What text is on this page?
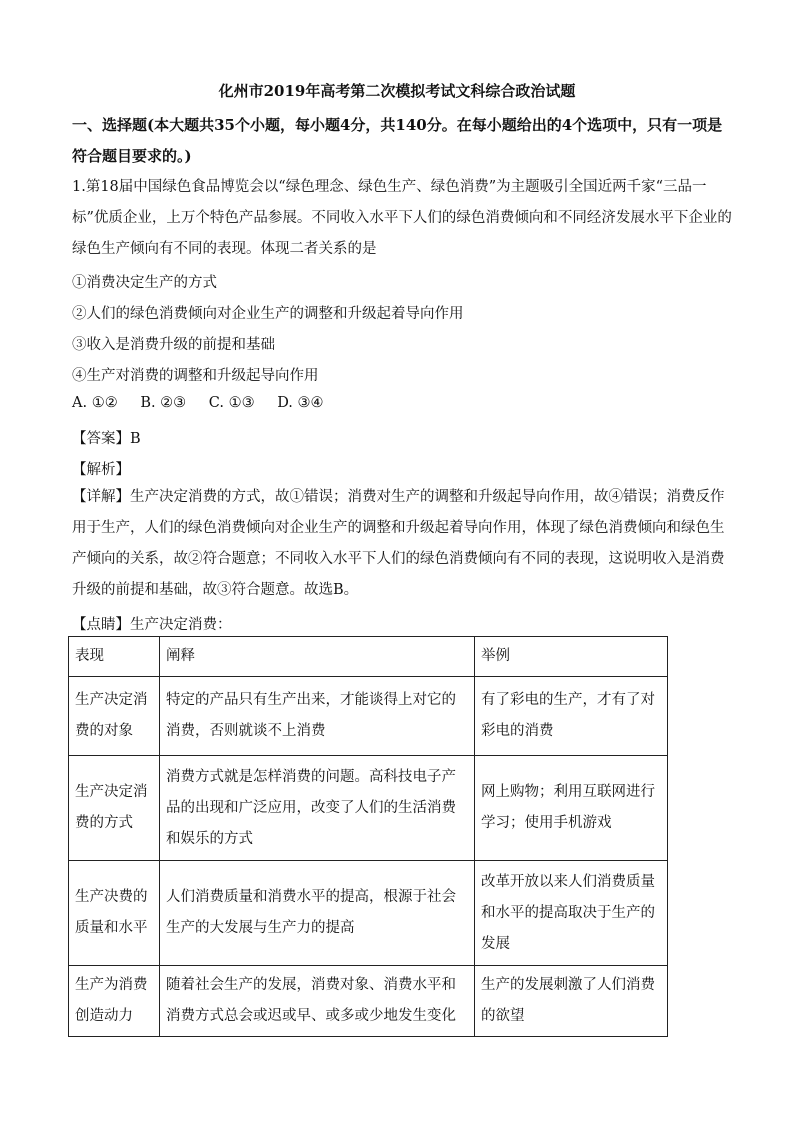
化州市2019年高考第二次模拟考试文科综合政治试题
一、选择题(本大题共35个小题，每小题4分，共140分。在每小题给出的4个选项中，只有一项是符合题目要求的。)
1.第18届中国绿色食品博览会以“绿色理念、绿色生产、绿色消费”为主题吸引全国近两千家“三品一标”优质企业，上万个特色产品参展。不同收入水平下人们的绿色消费倾向和不同经济发展水平下企业的绿色生产倾向有不同的表现。体现二者关系的是
①消费决定生产的方式
②人们的绿色消费倾向对企业生产的调整和升级起着导向作用
③收入是消费升级的前提和基础
④生产对消费的调整和升级起导向作用
A. ①② B. ②③ C. ①③ D. ③④
【答案】B
【解析】
【详解】生产决定消费的方式，故①错误；消费对生产的调整和升级起导向作用，故④错误；消费反作用于生产，人们的绿色消费倾向对企业生产的调整和升级起着导向作用，体现了绿色消费倾向和绿色生产倾向的关系，故②符合题意；不同收入水平下人们的绿色消费倾向有不同的表现，这说明收入是消费升级的前提和基础，故③符合题意。故选B。
【点睛】生产决定消费：
表现	阐释	举例
生产决定消费的对象	特定的产品只有生产出来，才能谈得上对它的消费，否则就谈不上消费	有了彩电的生产，才有了对彩电的消费
生产决定消费的方式	消费方式就是怎样消费的问题。高科技电子产品的出现和广泛应用，改变了人们的生活消费和娱乐的方式	网上购物；利用互联网进行学习；使用手机游戏
生产决费的质量和水平	人们消费质量和消费水平的提高，根源于社会生产的大发展与生产力的提高	改革开放以来人们消费质量和水平的提高取决于生产的发展
生产为消费创造动力	随着社会生产的发展，消费对象、消费水平和消费方式总会或迟或早、或多或少地发生变化	生产的发展刺激了人们消费的欲望
